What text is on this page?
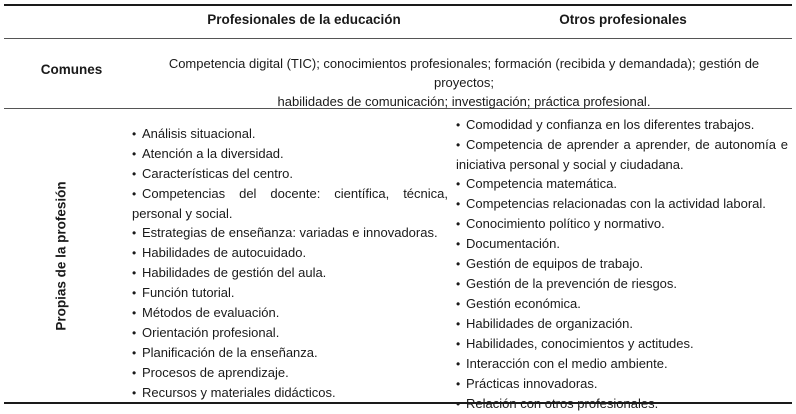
Profesionales de la educación	Otros profesionales
Comunes	Competencia digital (TIC); conocimientos profesionales; formación (recibida y demandada); gestión de proyectos;
habilidades de comunicación; investigación; práctica profesional.
Propias de la profesión
• Análisis situacional.
• Atención a la diversidad.
• Características del centro.
• Competencias del docente: científica, técnica, personal y social.
• Estrategias de enseñanza: variadas e innovadoras.
• Habilidades de autocuidado.
• Habilidades de gestión del aula.
• Función tutorial.
• Métodos de evaluación.
• Orientación profesional.
• Planificación de la enseñanza.
• Procesos de aprendizaje.
• Recursos y materiales didácticos.
• Comodidad y confianza en los diferentes trabajos.
• Competencia de aprender a aprender, de autonomía e iniciativa personal y social y ciudadana.
• Competencia matemática.
• Competencias relacionadas con la actividad laboral.
• Conocimiento político y normativo.
• Documentación.
• Gestión de equipos de trabajo.
• Gestión de la prevención de riesgos.
• Gestión económica.
• Habilidades de organización.
• Habilidades, conocimientos y actitudes.
• Interacción con el medio ambiente.
• Prácticas innovadoras.
• Relación con otros profesionales.
